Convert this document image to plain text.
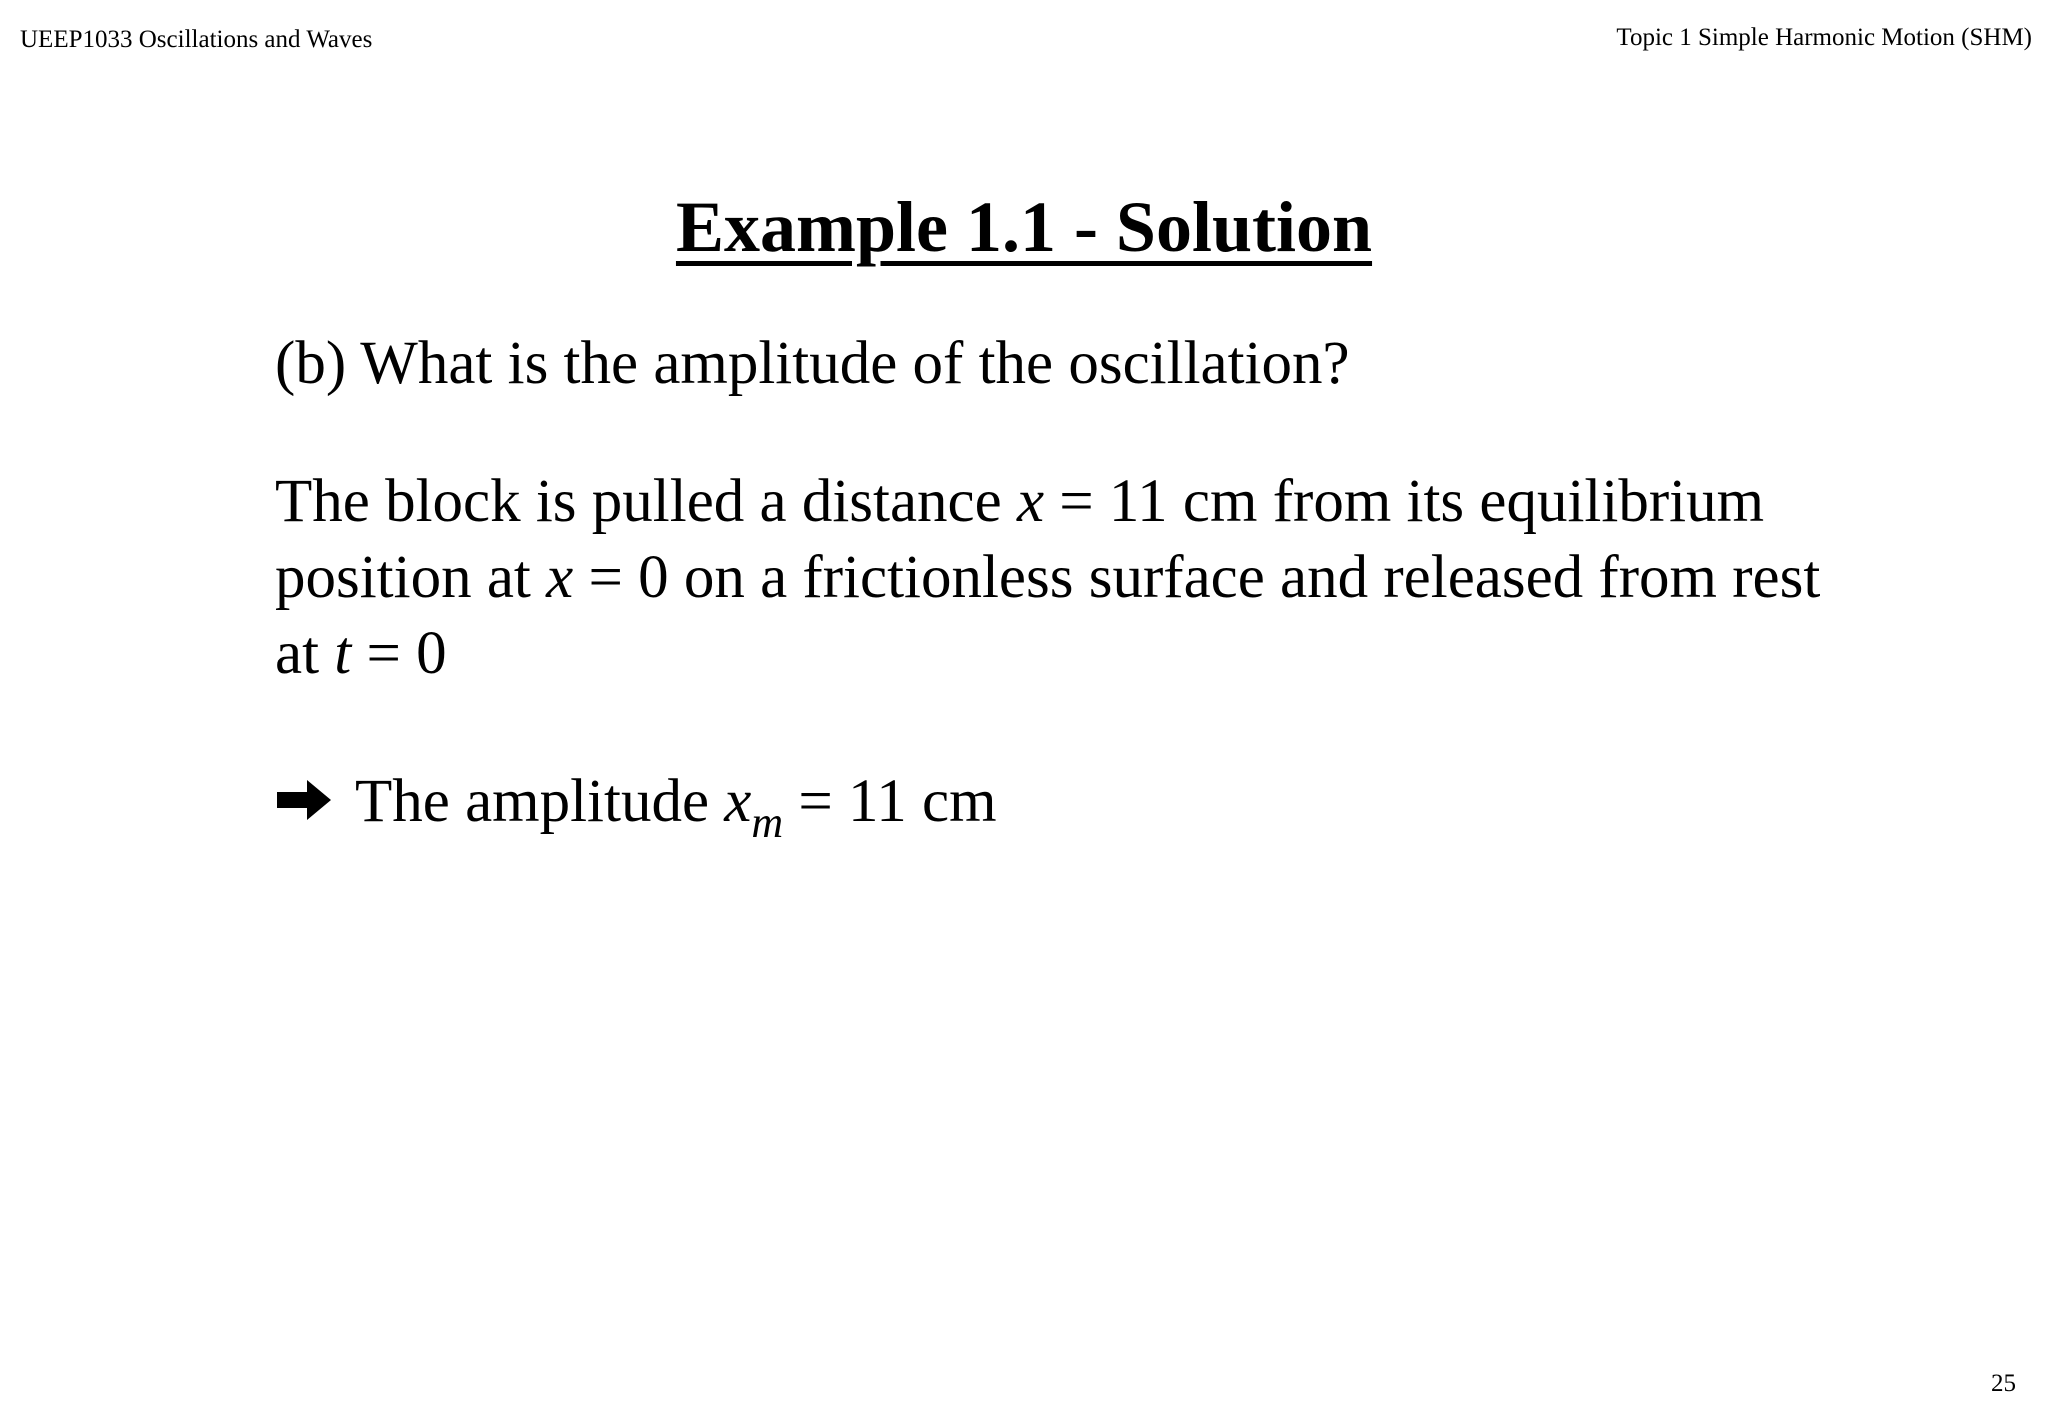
UEEP1033 Oscillations and Waves	Topic 1 Simple Harmonic Motion (SHM)
Example 1.1 - Solution
(b) What is the amplitude of the oscillation?
The block is pulled a distance x = 11 cm from its equilibrium
position at x = 0 on a frictionless surface and released from rest
at t = 0
The amplitude $x_m = 11$ cm
25
